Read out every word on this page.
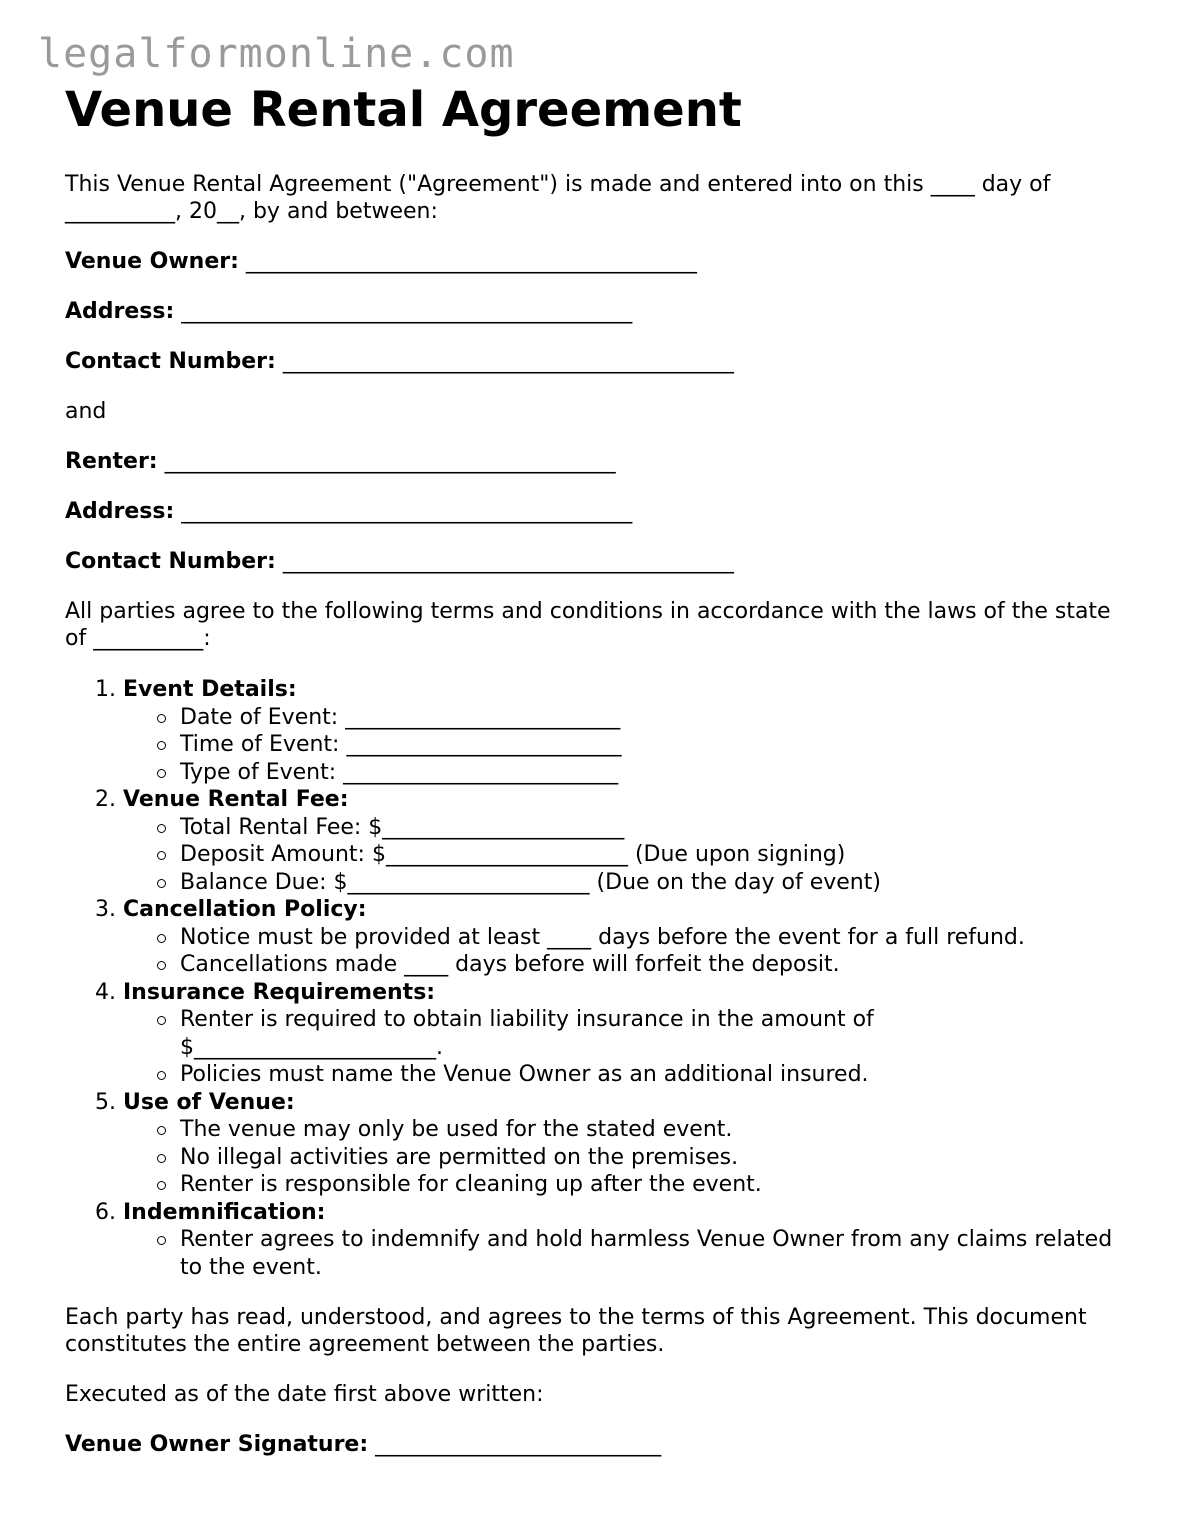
legalformonline.com
Venue Rental Agreement

This Venue Rental Agreement ("Agreement") is made and entered into on this ____ day of __________, 20__, by and between:

Venue Owner: _________________________________________

Address: _________________________________________

Contact Number: _________________________________________

and

Renter: _________________________________________

Address: _________________________________________

Contact Number: _________________________________________

All parties agree to the following terms and conditions in accordance with the laws of the state of __________:

1. Event Details:
Date of Event: _________________________
Time of Event: _________________________
Type of Event: _________________________
2. Venue Rental Fee:
Total Rental Fee: $______________________
Deposit Amount: $______________________ (Due upon signing)
Balance Due: $______________________ (Due on the day of event)
3. Cancellation Policy:
Notice must be provided at least ____ days before the event for a full refund.
Cancellations made ____ days before will forfeit the deposit.
4. Insurance Requirements:
Renter is required to obtain liability insurance in the amount of $______________________.
Policies must name the Venue Owner as an additional insured.
5. Use of Venue:
The venue may only be used for the stated event.
No illegal activities are permitted on the premises.
Renter is responsible for cleaning up after the event.
6. Indemnification:
Renter agrees to indemnify and hold harmless Venue Owner from any claims related to the event.

Each party has read, understood, and agrees to the terms of this Agreement. This document constitutes the entire agreement between the parties.

Executed as of the date first above written:

Venue Owner Signature: __________________________
